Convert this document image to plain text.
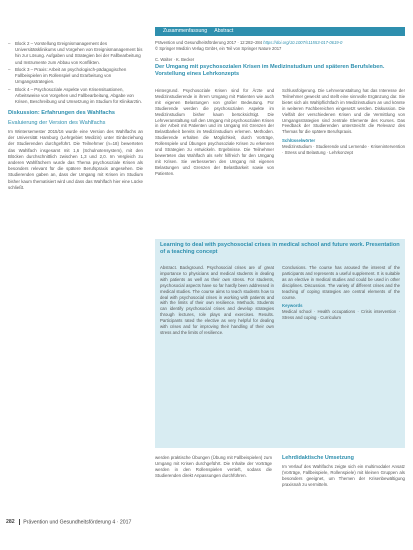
– Block 2 – Vorstellung Ereignismanagement des Universitätsklinikums und Vorgehen von Ereignismanagement bis hin zur Lösung. Aufgaben und Strategien bei der Fallbearbeitung und Instrumente zum Abbau von Konflikten.
– Block 3 – Praxis: Arbeit an psychologisch-pädagogischen Fallbeispielen im Rollenspiel und Erarbeitung von Umgangsstrategien.
– Block 4 – Psychosoziale Aspekte von Krisensituationen, Arbeitsweise von Vorgehen und Fallbearbeitung, Abgabe von Krisen, Beschreibung und Umsetzung im Studium für Klinikarztin.
Diskussion: Erfahrungen des Wahlfachs
Evaluierung der Version des Wahlfachs
Im Wintersemester 2015/16 wurde eine Version des Wahlfachs an der Universität Hamburg (Lehrgebiet Medizin) unter Einbeziehung der Studierenden durchgeführt. Die Teilnehmer (n=18) bewerteten das Wahlfach insgesamt mit 1,6 (Schulnotensystem), mit den Blöcken durchschnittlich zwischen 1,3 und 2,0. Im Vergleich zu anderen Wahlfächern wurde das Thema psychosoziale Krisen als besonders relevant für die spätere Berufspraxis angesehen. Die Studierenden gaben an, dass der Umgang mit Krisen im Studium bisher kaum thematisiert wird und dass das Wahlfach hier eine Lücke schließt.
Zusammenfassung Abstract
Prävention und Gesundheitsförderung 2017 · 12:282–284 https://doi.org/10.1007/s11553-017-0619-0
© Springer Medizin Verlag GmbH, ein Teil von Springer Nature 2017
C. Walter · K. Becker
Der Umgang mit psychosozialen Krisen im Medizinstudium und späteren Berufsleben. Vorstellung eines Lehrkonzepts
Hintergrund. Psychosoziale Krisen sind für Ärzte und Medizinstudierende in ihrem Umgang mit Patienten wie auch mit eigenen Belastungen von großer Bedeutung. Für Studierende werden die psychosozialen Aspekte im Medizinstudium bisher kaum berücksichtigt. Die Lehrveranstaltung soll den Umgang mit psychosozialen Krisen in der Arbeit mit Patienten und im Umgang mit Grenzen der Belastbarkeit bereits im Medizinstudium erlernen. Methoden. Studierende erhalten die Möglichkeit, durch Vorträge, Rollenspiele und Übungen psychosoziale Krisen zu erkennen und Strategien zu entwickeln. Ergebnisse. Die Teilnehmer bewerteten das Wahlfach als sehr hilfreich für den Umgang mit Krisen. Sie verbesserten den Umgang mit eigenen Belastungen und Grenzen der Belastbarkeit sowie von Patienten.
Schlussfolgerung. Die Lehrveranstaltung hat das Interesse der Teilnehmer geweckt und stellt eine sinnvolle Ergänzung dar. Sie bietet sich als Wahlpflichtfach im Medizinstudium an und könnte in weiteren Fachbereichen eingesetzt werden. Diskussion. Die Vielfalt der verschiedenen Krisen und die Vermittlung von Umgangsstrategien sind zentrale Elemente des Kurses. Das Feedback der Studierenden unterstreicht die Relevanz des Themas für die spätere Berufspraxis.
Schlüsselwörter
Medizinstudium · Studierende und Lernende · Krisenintervention · Stress und Belastung · Lehrkonzept
Learning to deal with psychosocial crises in medical school and future work. Presentation of a teaching concept
Abstract. Background. Psychosocial crises are of great importance to physicians and medical students in dealing with patients as well as their own stress. For students, psychosocial aspects have so far hardly been addressed in medical studies. The course aims to teach students how to deal with psychosocial crises in working with patients and with the limits of their own resilience. Methods. Students can identify psychosocial crises and develop strategies through lectures, role plays and exercises. Results. Participants rated the elective as very helpful for dealing with crises and for improving their handling of their own stress and the limits of resilience.
Conclusions. The course has aroused the interest of the participants and represents a useful supplement. It is suitable as an elective in medical studies and could be used in other disciplines. Discussion. The variety of different crises and the teaching of coping strategies are central elements of the course.
Keywords
Medical school · Health occupations · Crisis intervention · Stress and coping · Curriculum
werden praktische Übungen (Übung mit Fallbeispielen) zum Umgang mit Krisen durchgeführt. Die Inhalte der Vorträge werden in den Rollenspielen vertieft, sodass die Studierenden direkt Anpassungen durchführen.
Lehrdidaktische Umsetzung
Im Verlauf des Wahlfachs zeigte sich ein multimodaler Ansatz (Vorträge, Fallbeispiele, Rollenspiele) mit kleinen Gruppen als besonders geeignet, um Themen der Krisenbewältigung praxisnah zu vermitteln.
282 Prävention und Gesundheitsförderung 4 · 2017
